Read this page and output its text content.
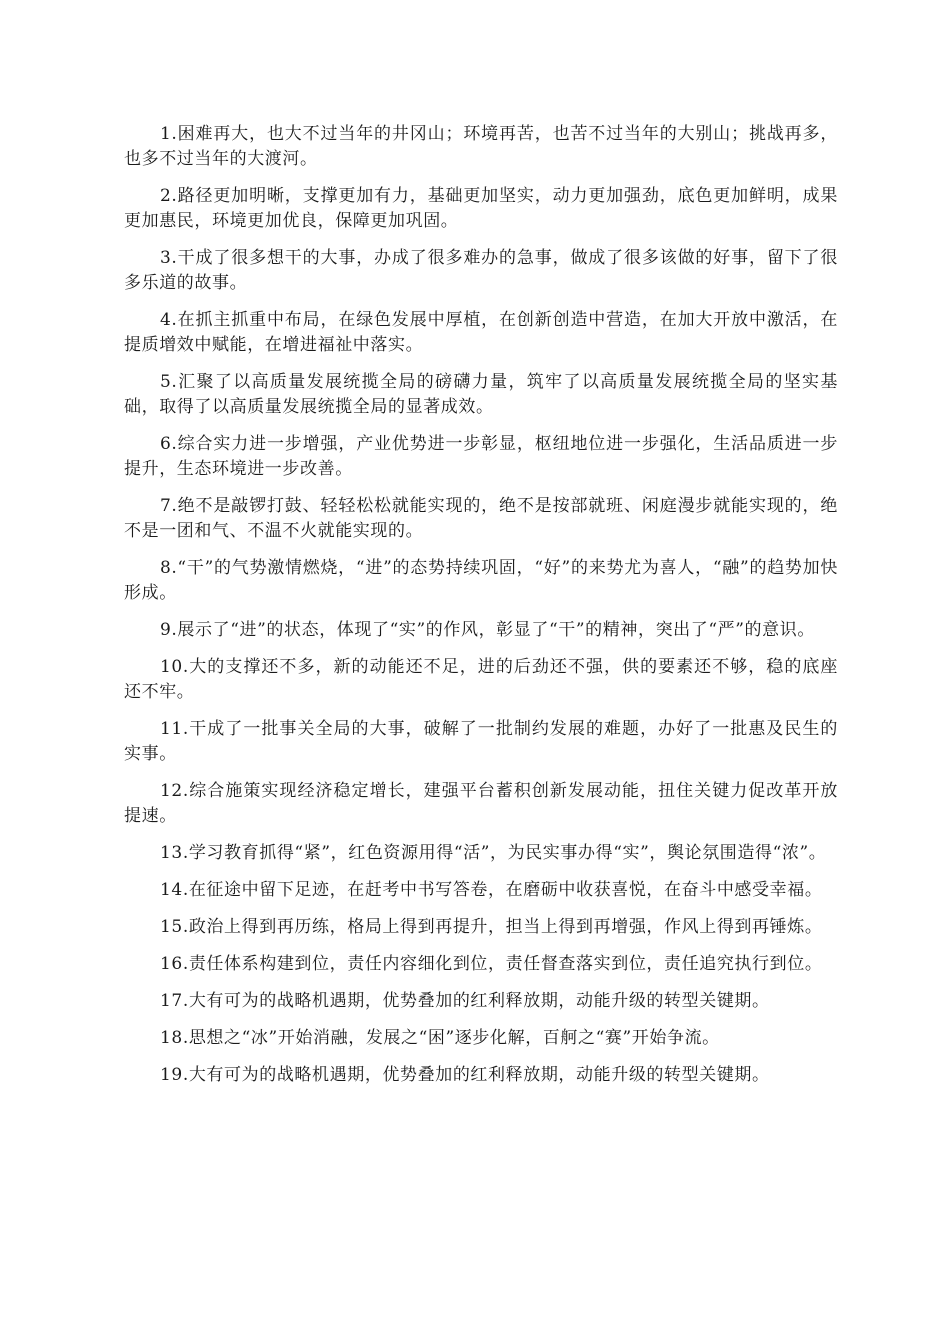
1.困难再大，也大不过当年的井冈山；环境再苦，也苦不过当年的大别山；挑战再多，也多不过当年的大渡河。

2.路径更加明晰，支撑更加有力，基础更加坚实，动力更加强劲，底色更加鲜明，成果更加惠民，环境更加优良，保障更加巩固。

3.干成了很多想干的大事，办成了很多难办的急事，做成了很多该做的好事，留下了很多乐道的故事。

4.在抓主抓重中布局，在绿色发展中厚植，在创新创造中营造，在加大开放中激活，在提质增效中赋能，在增进福祉中落实。

5.汇聚了以高质量发展统揽全局的磅礴力量，筑牢了以高质量发展统揽全局的坚实基础，取得了以高质量发展统揽全局的显著成效。

6.综合实力进一步增强，产业优势进一步彰显，枢纽地位进一步强化，生活品质进一步提升，生态环境进一步改善。

7.绝不是敲锣打鼓、轻轻松松就能实现的，绝不是按部就班、闲庭漫步就能实现的，绝不是一团和气、不温不火就能实现的。

8.“干”的气势激情燃烧，“进”的态势持续巩固，“好”的来势尤为喜人，“融”的趋势加快形成。

9.展示了“进”的状态，体现了“实”的作风，彰显了“干”的精神，突出了“严”的意识。

10.大的支撑还不多，新的动能还不足，进的后劲还不强，供的要素还不够，稳的底座还不牢。

11.干成了一批事关全局的大事，破解了一批制约发展的难题，办好了一批惠及民生的实事。

12.综合施策实现经济稳定增长，建强平台蓄积创新发展动能，扭住关键力促改革开放提速。

13.学习教育抓得“紧”，红色资源用得“活”，为民实事办得“实”，舆论氛围造得“浓”。

14.在征途中留下足迹，在赶考中书写答卷，在磨砺中收获喜悦，在奋斗中感受幸福。

15.政治上得到再历练，格局上得到再提升，担当上得到再增强，作风上得到再锤炼。

16.责任体系构建到位，责任内容细化到位，责任督查落实到位，责任追究执行到位。

17.大有可为的战略机遇期，优势叠加的红利释放期，动能升级的转型关键期。

18.思想之“冰”开始消融，发展之“困”逐步化解，百舸之“赛”开始争流。

19.大有可为的战略机遇期，优势叠加的红利释放期，动能升级的转型关键期。
